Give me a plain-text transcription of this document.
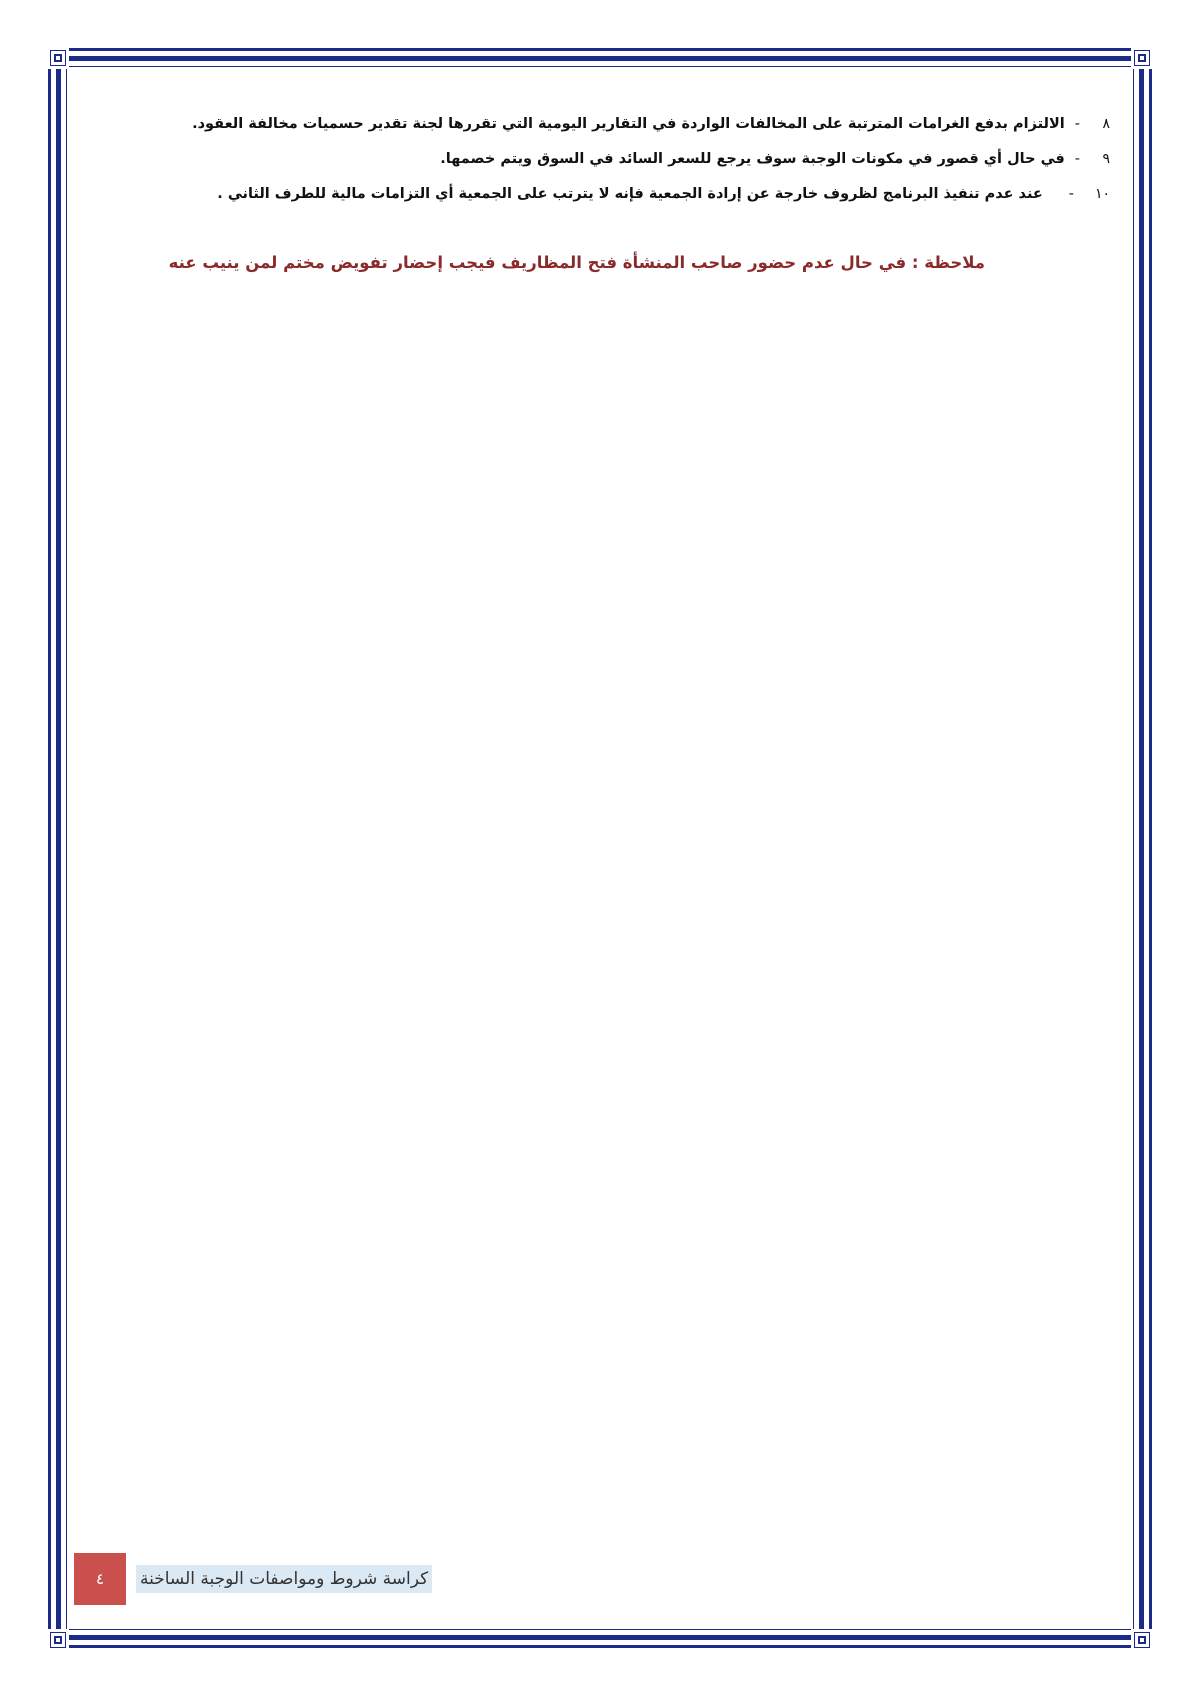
٨
-
الالتزام بدفع الغرامات المترتبة على المخالفات الواردة في التقارير اليومية التي تقررها لجنة تقدير حسميات مخالفة العقود.
٩
-
في حال أي قصور في مكونات الوجبة سوف يرجع للسعر السائد في السوق ويتم خصمها.
١٠
-
عند عدم تنفيذ البرنامج لظروف خارجة عن إرادة الجمعية فإنه لا يترتب على الجمعية أي التزامات مالية للطرف الثاني .
ملاحظة : في حال عدم حضور صاحب المنشأة فتح المظاريف فيجب إحضار تفويض مختم لمن ينيب عنه
٤	كراسة شروط ومواصفات الوجبة الساخنة
